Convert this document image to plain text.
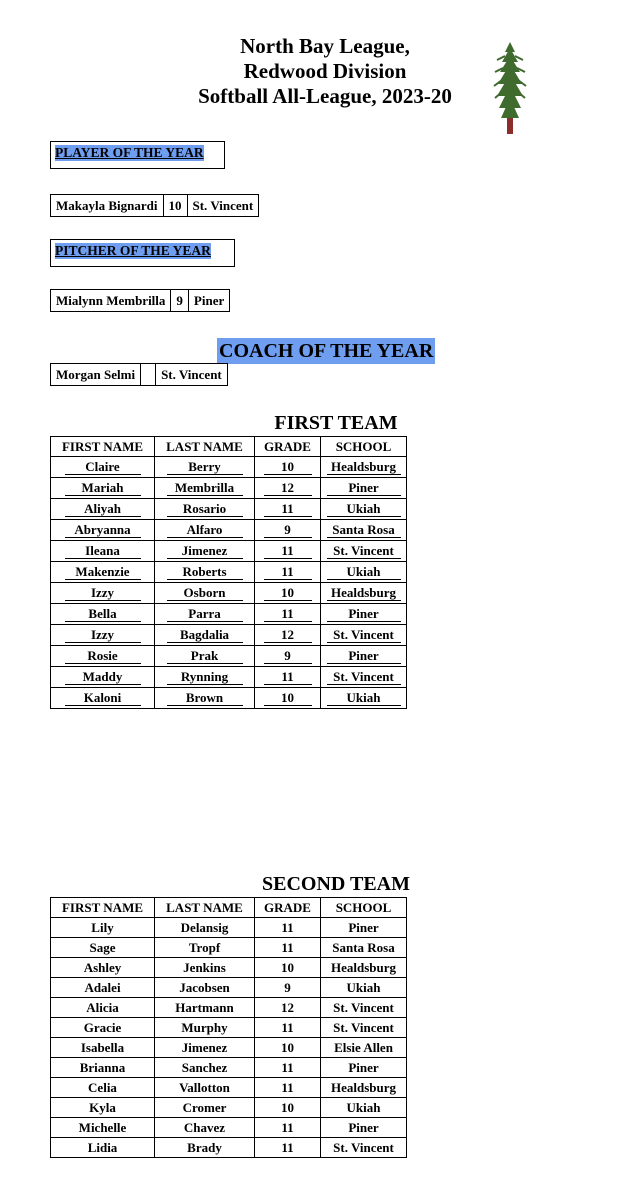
North Bay League,
Redwood Division
Softball All-League, 2023-20
PLAYER OF THE YEAR
Makayla Bignardi	10	St. Vincent
PITCHER OF THE YEAR
Mialynn Membrilla	9	Piner
COACH OF THE YEAR
Morgan Selmi		St. Vincent
FIRST TEAM
FIRST NAME	LAST NAME	GRADE	SCHOOL
Claire	Berry	10	Healdsburg
Mariah	Membrilla	12	Piner
Aliyah	Rosario	11	Ukiah
Abryanna	Alfaro	9	Santa Rosa
Ileana	Jimenez	11	St. Vincent
Makenzie	Roberts	11	Ukiah
Izzy	Osborn	10	Healdsburg
Bella	Parra	11	Piner
Izzy	Bagdalia	12	St. Vincent
Rosie	Prak	9	Piner
Maddy	Rynning	11	St. Vincent
Kaloni	Brown	10	Ukiah
SECOND TEAM
FIRST NAME	LAST NAME	GRADE	SCHOOL
Lily	Delansig	11	Piner
Sage	Tropf	11	Santa Rosa
Ashley	Jenkins	10	Healdsburg
Adalei	Jacobsen	9	Ukiah
Alicia	Hartmann	12	St. Vincent
Gracie	Murphy	11	St. Vincent
Isabella	Jimenez	10	Elsie Allen
Brianna	Sanchez	11	Piner
Celia	Vallotton	11	Healdsburg
Kyla	Cromer	10	Ukiah
Michelle	Chavez	11	Piner
Lidia	Brady	11	St. Vincent
